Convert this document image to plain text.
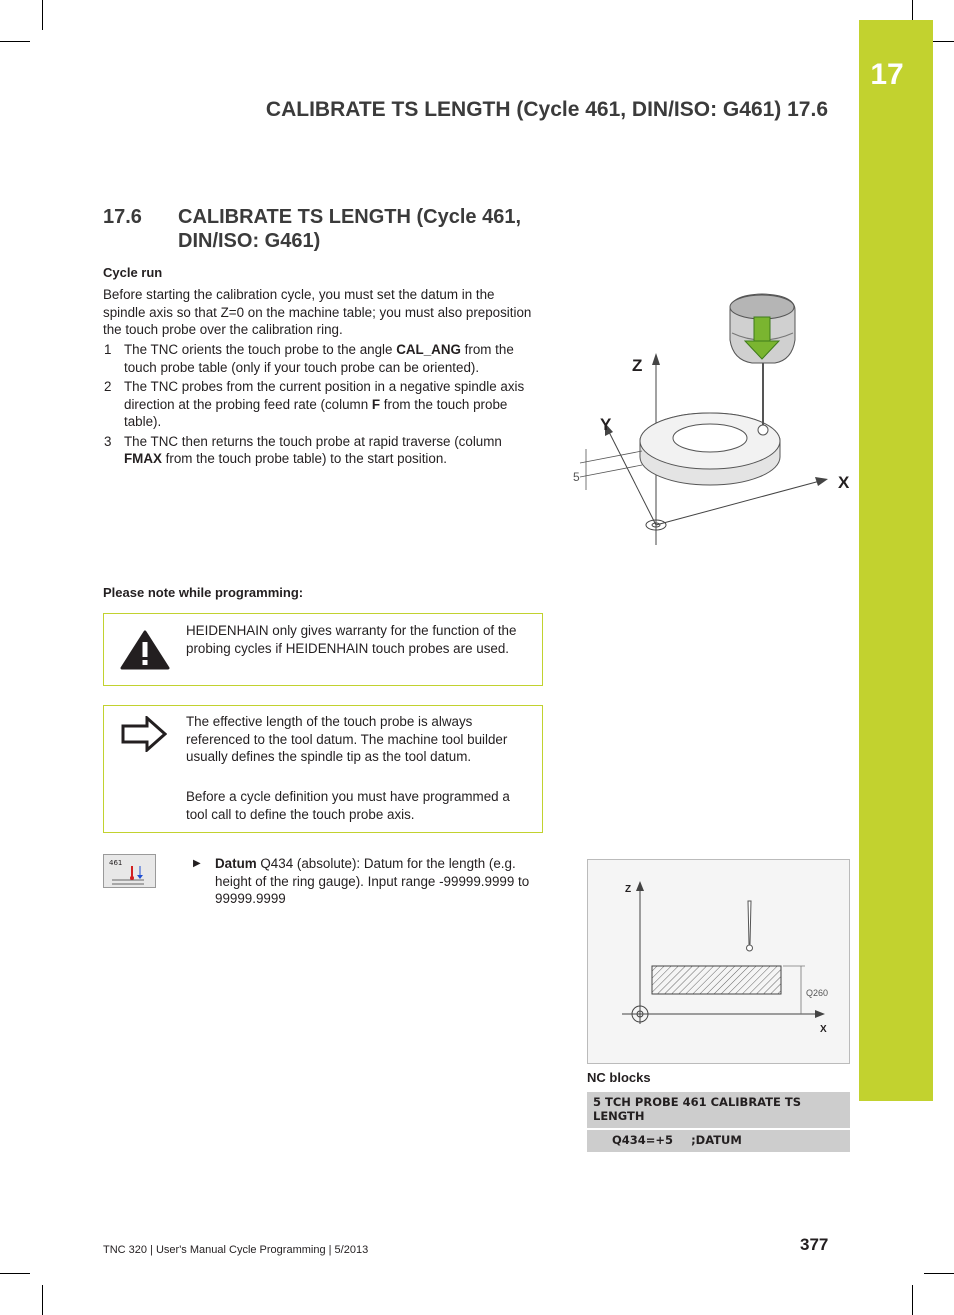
17
CALIBRATE TS LENGTH (Cycle 461, DIN/ISO: G461) 17.6
17.6	CALIBRATE TS LENGTH (Cycle 461,
DIN/ISO: G461)
Cycle run
Before starting the calibration cycle, you must set the datum in the spindle axis so that Z=0 on the machine table; you must also preposition the touch probe over the calibration ring.
1 The TNC orients the touch probe to the angle CAL_ANG from the touch probe table (only if your touch probe can be oriented).
2 The TNC probes from the current position in a negative spindle axis direction at the probing feed rate (column F from the touch probe table).
3 The TNC then returns the touch probe at rapid traverse (column FMAX from the touch probe table) to the start position.
Z
Y
X
5
Please note while programming:
HEIDENHAIN only gives warranty for the function of the probing cycles if HEIDENHAIN touch probes are used.
The effective length of the touch probe is always referenced to the tool datum. The machine tool builder usually defines the spindle tip as the tool datum.
Before a cycle definition you must have programmed a tool call to define the touch probe axis.
461	▶	Datum Q434 (absolute): Datum for the length (e.g. height of the ring gauge). Input range -99999.9999 to 99999.9999
Z
X
Q260
NC blocks
5 TCH PROBE 461 CALIBRATE TS LENGTH
Q434=+5 ;DATUM
TNC 320 | User's Manual Cycle Programming | 5/2013	377
